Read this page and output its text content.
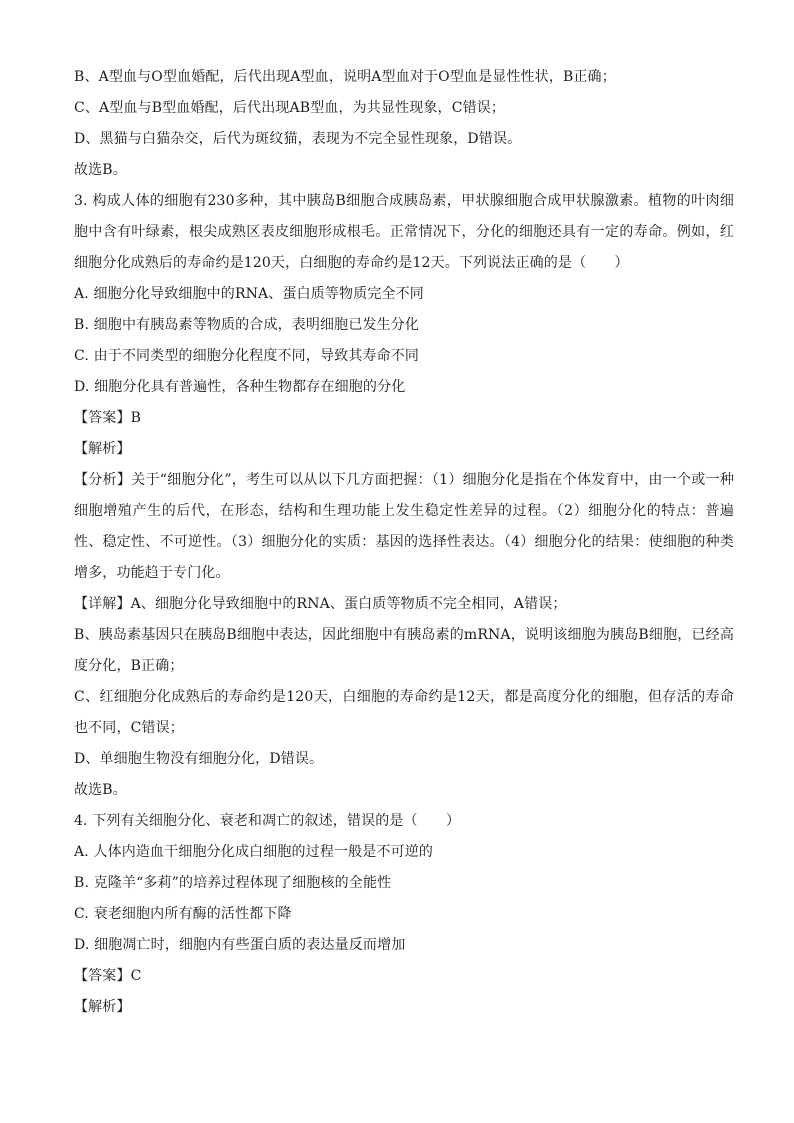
B、A型血与O型血婚配，后代出现A型血，说明A型血对于O型血是显性性状，B正确；

C、A型血与B型血婚配，后代出现AB型血，为共显性现象，C错误；

D、黑猫与白猫杂交，后代为斑纹猫，表现为不完全显性现象，D错误。

故选B。

3. 构成人体的细胞有230多种，其中胰岛B细胞合成胰岛素，甲状腺细胞合成甲状腺激素。植物的叶肉细胞中含有叶绿素，根尖成熟区表皮细胞形成根毛。正常情况下，分化的细胞还具有一定的寿命。例如，红细胞分化成熟后的寿命约是120天，白细胞的寿命约是12天。下列说法正确的是（　　）

A. 细胞分化导致细胞中的RNA、蛋白质等物质完全不同

B. 细胞中有胰岛素等物质的合成，表明细胞已发生分化

C. 由于不同类型的细胞分化程度不同，导致其寿命不同

D. 细胞分化具有普遍性，各种生物都存在细胞的分化

【答案】B

【解析】

【分析】关于“细胞分化”，考生可以从以下几方面把握：（1）细胞分化是指在个体发育中，由一个或一种细胞增殖产生的后代，在形态，结构和生理功能上发生稳定性差异的过程。（2）细胞分化的特点：普遍性、稳定性、不可逆性。（3）细胞分化的实质：基因的选择性表达。（4）细胞分化的结果：使细胞的种类增多，功能趋于专门化。

【详解】A、细胞分化导致细胞中的RNA、蛋白质等物质不完全相同，A错误；

B、胰岛素基因只在胰岛B细胞中表达，因此细胞中有胰岛素的mRNA，说明该细胞为胰岛B细胞，已经高度分化，B正确；

C、红细胞分化成熟后的寿命约是120天，白细胞的寿命约是12天，都是高度分化的细胞，但存活的寿命也不同，C错误；

D、单细胞生物没有细胞分化，D错误。

故选B。

4. 下列有关细胞分化、衰老和凋亡的叙述，错误的是（　　）

A. 人体内造血干细胞分化成白细胞的过程一般是不可逆的

B. 克隆羊“多莉”的培养过程体现了细胞核的全能性

C. 衰老细胞内所有酶的活性都下降

D. 细胞凋亡时，细胞内有些蛋白质的表达量反而增加

【答案】C

【解析】
